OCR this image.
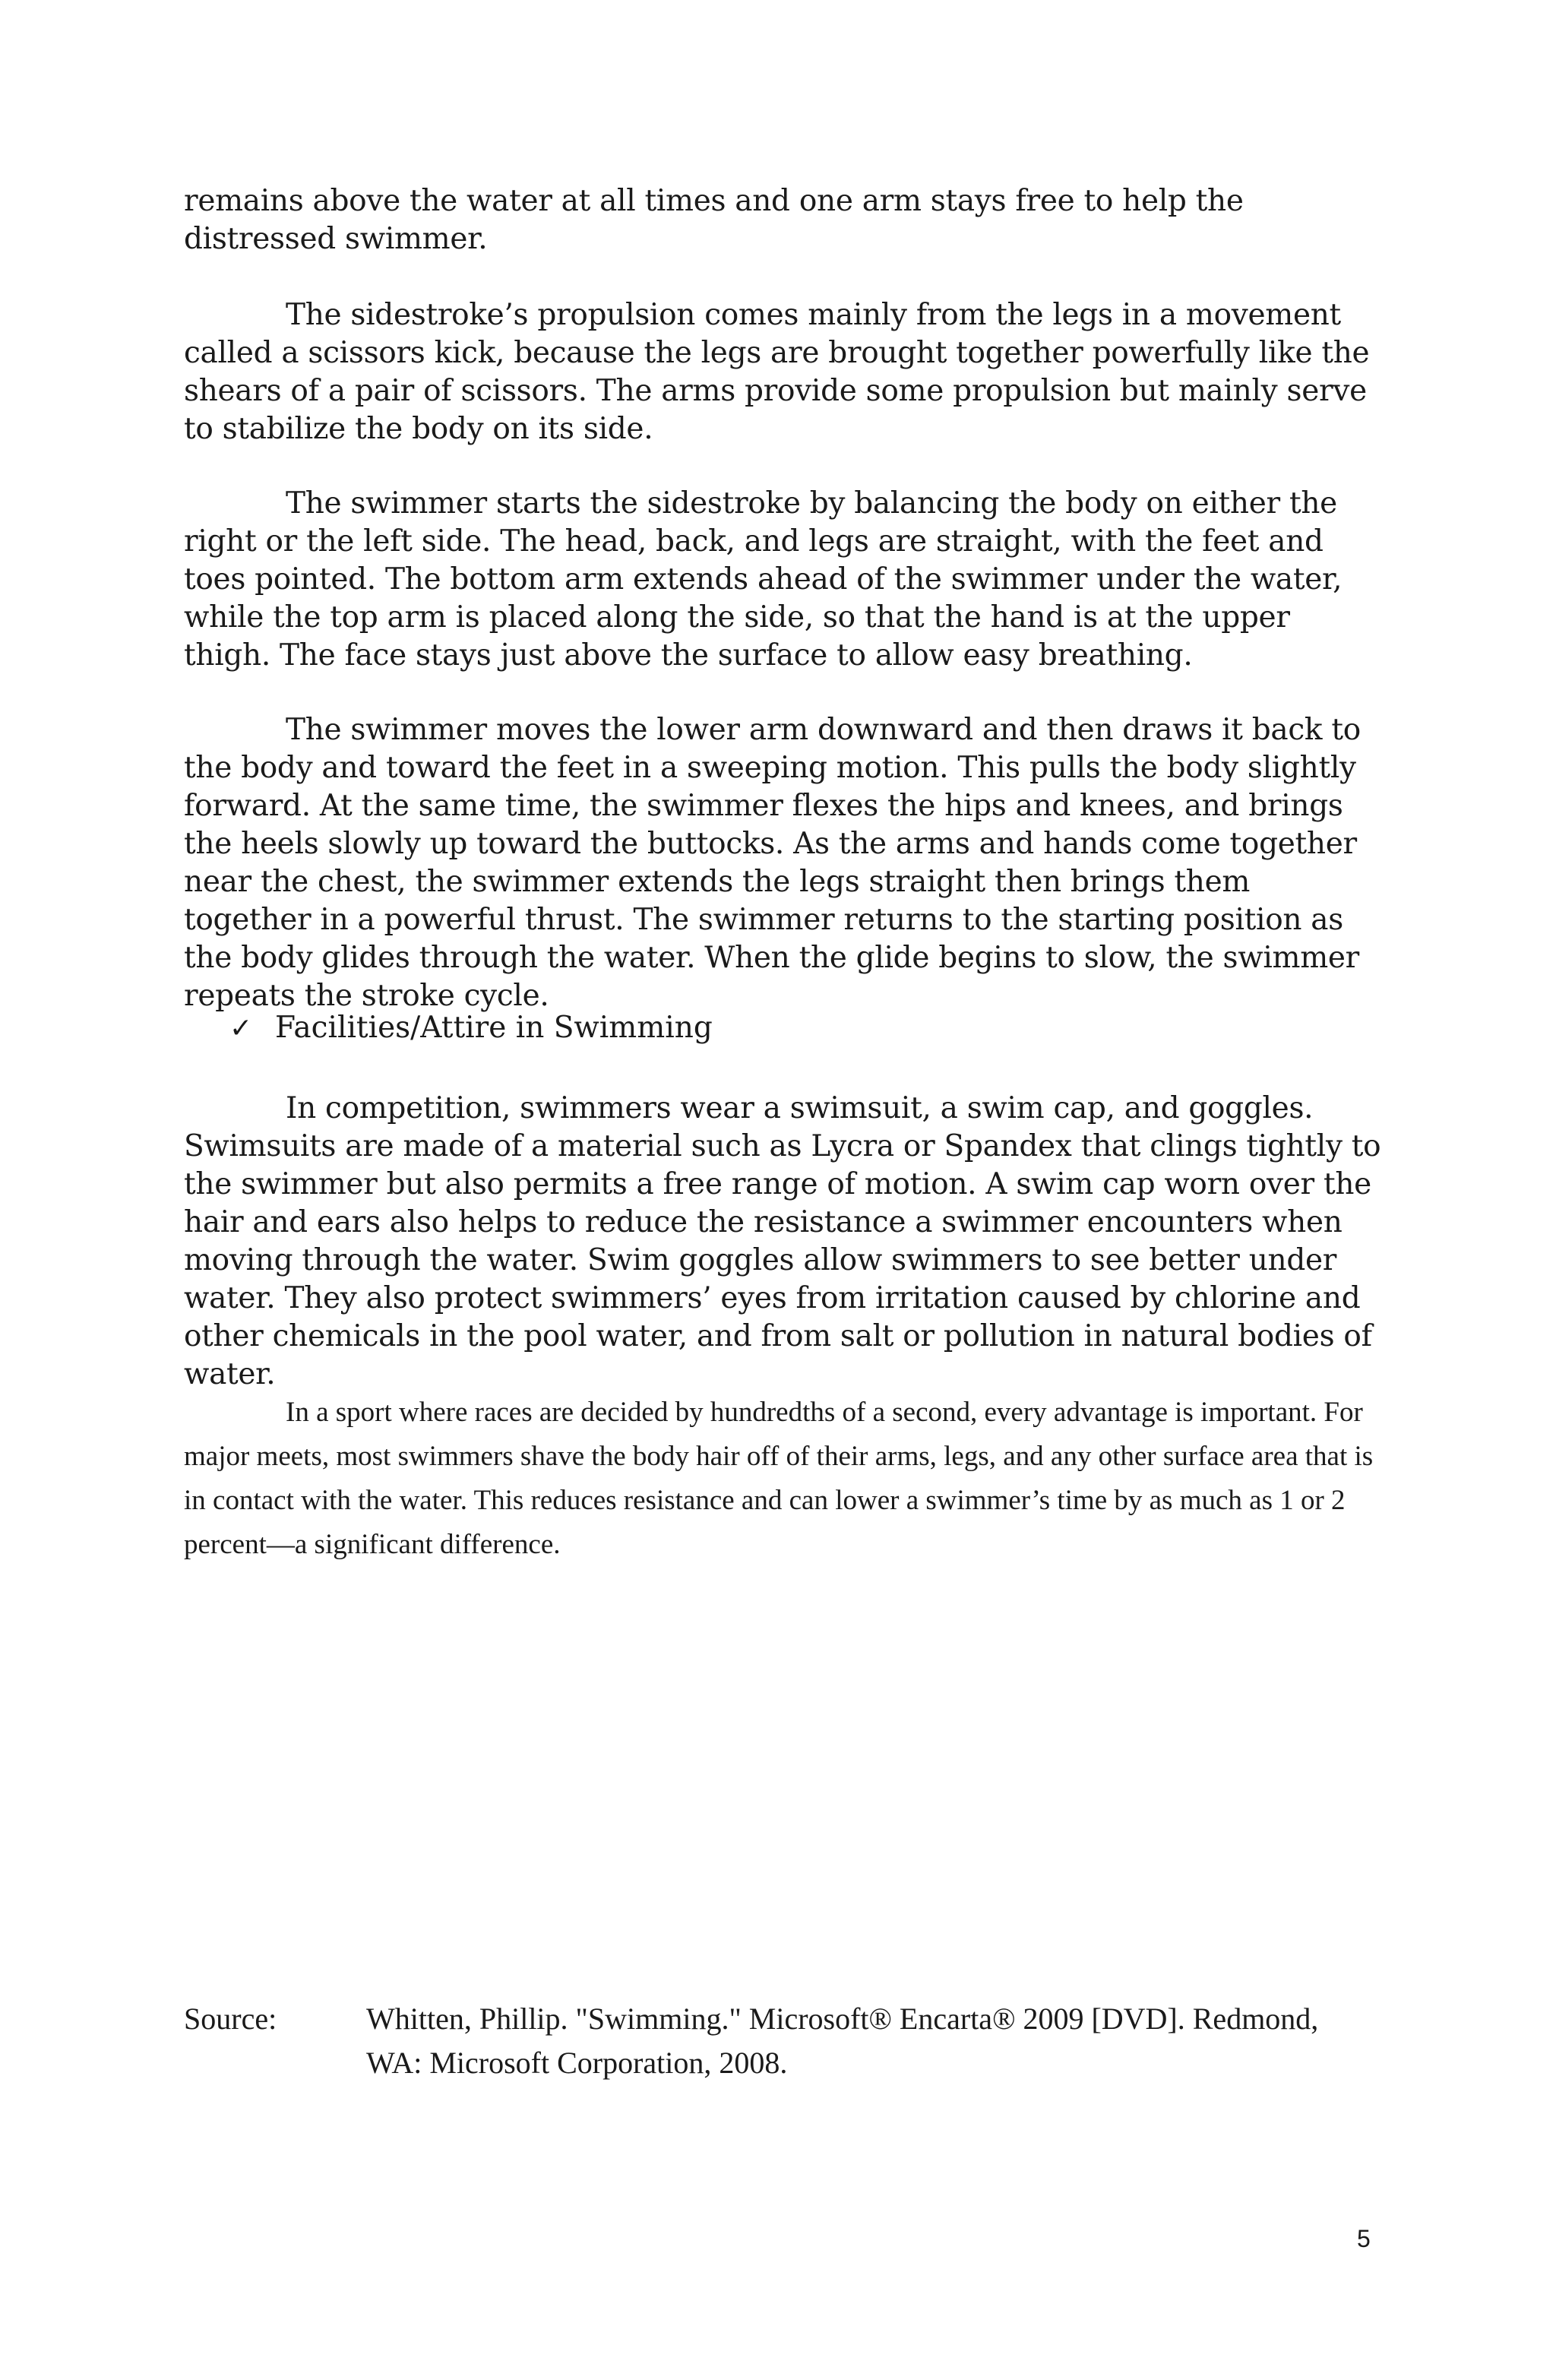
remains above the water at all times and one arm stays free to help the distressed swimmer.

The sidestroke’s propulsion comes mainly from the legs in a movement called a scissors kick, because the legs are brought together powerfully like the shears of a pair of scissors. The arms provide some propulsion but mainly serve to stabilize the body on its side.

The swimmer starts the sidestroke by balancing the body on either the right or the left side. The head, back, and legs are straight, with the feet and toes pointed. The bottom arm extends ahead of the swimmer under the water, while the top arm is placed along the side, so that the hand is at the upper thigh. The face stays just above the surface to allow easy breathing.

The swimmer moves the lower arm downward and then draws it back to the body and toward the feet in a sweeping motion. This pulls the body slightly forward. At the same time, the swimmer flexes the hips and knees, and brings the heels slowly up toward the buttocks. As the arms and hands come together near the chest, the swimmer extends the legs straight then brings them together in a powerful thrust. The swimmer returns to the starting position as the body glides through the water. When the glide begins to slow, the swimmer repeats the stroke cycle.

✓ Facilities/Attire in Swimming

In competition, swimmers wear a swimsuit, a swim cap, and goggles. Swimsuits are made of a material such as Lycra or Spandex that clings tightly to the swimmer but also permits a free range of motion. A swim cap worn over the hair and ears also helps to reduce the resistance a swimmer encounters when moving through the water. Swim goggles allow swimmers to see better under water. They also protect swimmers’ eyes from irritation caused by chlorine and other chemicals in the pool water, and from salt or pollution in natural bodies of water.

In a sport where races are decided by hundredths of a second, every advantage is important. For major meets, most swimmers shave the body hair off of their arms, legs, and any other surface area that is in contact with the water. This reduces resistance and can lower a swimmer’s time by as much as 1 or 2 percent—a significant difference.

Source:	Whitten, Phillip. "Swimming." Microsoft® Encarta® 2009 [DVD]. Redmond, WA: Microsoft Corporation, 2008.
5
